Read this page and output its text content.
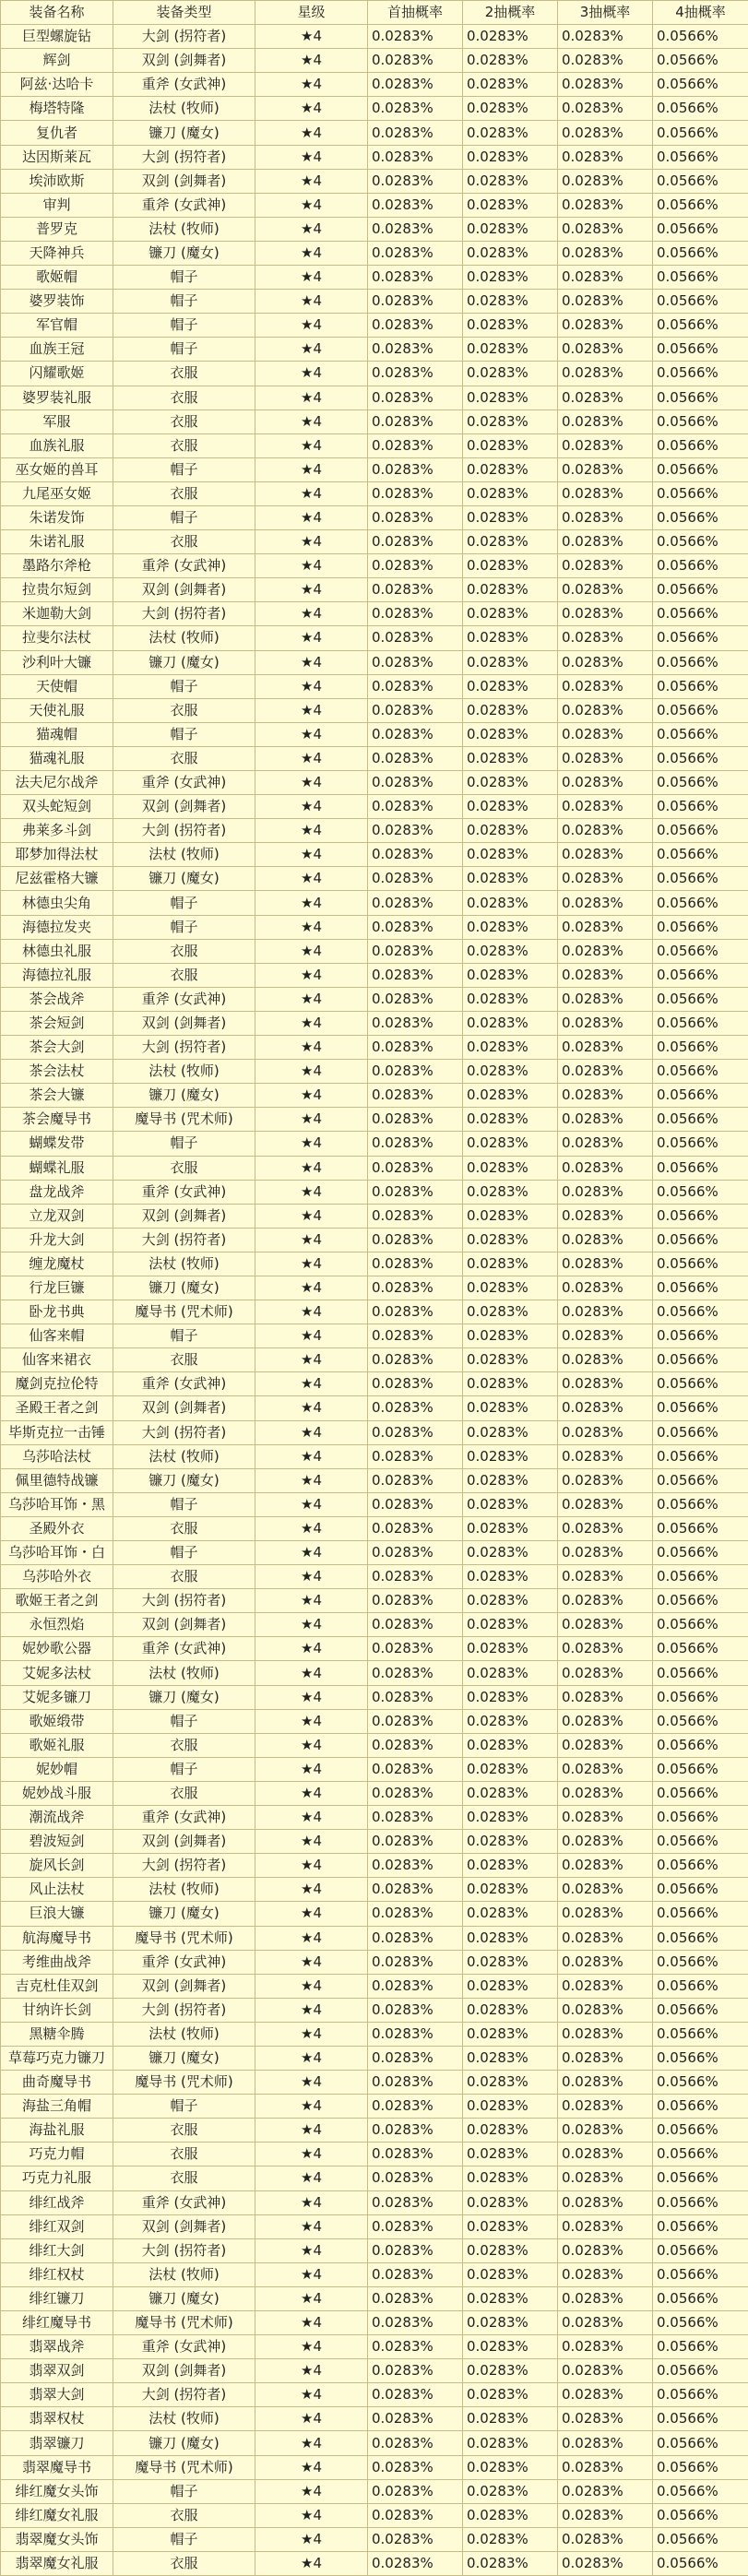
装备名称	装备类型	星级	首抽概率	2抽概率	3抽概率	4抽概率
巨型螺旋钻	大剑 (拐符者)	★4	0.0283%	0.0283%	0.0283%	0.0566%
辉剑	双剑 (剑舞者)	★4	0.0283%	0.0283%	0.0283%	0.0566%
阿兹·达哈卡	重斧 (女武神)	★4	0.0283%	0.0283%	0.0283%	0.0566%
梅塔特隆	法杖 (牧师)	★4	0.0283%	0.0283%	0.0283%	0.0566%
复仇者	镰刀 (魔女)	★4	0.0283%	0.0283%	0.0283%	0.0566%
达因斯莱瓦	大剑 (拐符者)	★4	0.0283%	0.0283%	0.0283%	0.0566%
埃沛欧斯	双剑 (剑舞者)	★4	0.0283%	0.0283%	0.0283%	0.0566%
审判	重斧 (女武神)	★4	0.0283%	0.0283%	0.0283%	0.0566%
普罗克	法杖 (牧师)	★4	0.0283%	0.0283%	0.0283%	0.0566%
天降神兵	镰刀 (魔女)	★4	0.0283%	0.0283%	0.0283%	0.0566%
歌姬帽	帽子	★4	0.0283%	0.0283%	0.0283%	0.0566%
婆罗装饰	帽子	★4	0.0283%	0.0283%	0.0283%	0.0566%
军官帽	帽子	★4	0.0283%	0.0283%	0.0283%	0.0566%
血族王冠	帽子	★4	0.0283%	0.0283%	0.0283%	0.0566%
闪耀歌姬	衣服	★4	0.0283%	0.0283%	0.0283%	0.0566%
婆罗装礼服	衣服	★4	0.0283%	0.0283%	0.0283%	0.0566%
军服	衣服	★4	0.0283%	0.0283%	0.0283%	0.0566%
血族礼服	衣服	★4	0.0283%	0.0283%	0.0283%	0.0566%
巫女姬的兽耳	帽子	★4	0.0283%	0.0283%	0.0283%	0.0566%
九尾巫女姬	衣服	★4	0.0283%	0.0283%	0.0283%	0.0566%
朱诺发饰	帽子	★4	0.0283%	0.0283%	0.0283%	0.0566%
朱诺礼服	衣服	★4	0.0283%	0.0283%	0.0283%	0.0566%
墨路尔斧枪	重斧 (女武神)	★4	0.0283%	0.0283%	0.0283%	0.0566%
拉贵尔短剑	双剑 (剑舞者)	★4	0.0283%	0.0283%	0.0283%	0.0566%
米迦勒大剑	大剑 (拐符者)	★4	0.0283%	0.0283%	0.0283%	0.0566%
拉斐尔法杖	法杖 (牧师)	★4	0.0283%	0.0283%	0.0283%	0.0566%
沙利叶大镰	镰刀 (魔女)	★4	0.0283%	0.0283%	0.0283%	0.0566%
天使帽	帽子	★4	0.0283%	0.0283%	0.0283%	0.0566%
天使礼服	衣服	★4	0.0283%	0.0283%	0.0283%	0.0566%
猫魂帽	帽子	★4	0.0283%	0.0283%	0.0283%	0.0566%
猫魂礼服	衣服	★4	0.0283%	0.0283%	0.0283%	0.0566%
法夫尼尔战斧	重斧 (女武神)	★4	0.0283%	0.0283%	0.0283%	0.0566%
双头蛇短剑	双剑 (剑舞者)	★4	0.0283%	0.0283%	0.0283%	0.0566%
弗莱多斗剑	大剑 (拐符者)	★4	0.0283%	0.0283%	0.0283%	0.0566%
耶梦加得法杖	法杖 (牧师)	★4	0.0283%	0.0283%	0.0283%	0.0566%
尼兹霍格大镰	镰刀 (魔女)	★4	0.0283%	0.0283%	0.0283%	0.0566%
林德虫尖角	帽子	★4	0.0283%	0.0283%	0.0283%	0.0566%
海德拉发夹	帽子	★4	0.0283%	0.0283%	0.0283%	0.0566%
林德虫礼服	衣服	★4	0.0283%	0.0283%	0.0283%	0.0566%
海德拉礼服	衣服	★4	0.0283%	0.0283%	0.0283%	0.0566%
茶会战斧	重斧 (女武神)	★4	0.0283%	0.0283%	0.0283%	0.0566%
茶会短剑	双剑 (剑舞者)	★4	0.0283%	0.0283%	0.0283%	0.0566%
茶会大剑	大剑 (拐符者)	★4	0.0283%	0.0283%	0.0283%	0.0566%
茶会法杖	法杖 (牧师)	★4	0.0283%	0.0283%	0.0283%	0.0566%
茶会大镰	镰刀 (魔女)	★4	0.0283%	0.0283%	0.0283%	0.0566%
茶会魔导书	魔导书 (咒术师)	★4	0.0283%	0.0283%	0.0283%	0.0566%
蝴蝶发带	帽子	★4	0.0283%	0.0283%	0.0283%	0.0566%
蝴蝶礼服	衣服	★4	0.0283%	0.0283%	0.0283%	0.0566%
盘龙战斧	重斧 (女武神)	★4	0.0283%	0.0283%	0.0283%	0.0566%
立龙双剑	双剑 (剑舞者)	★4	0.0283%	0.0283%	0.0283%	0.0566%
升龙大剑	大剑 (拐符者)	★4	0.0283%	0.0283%	0.0283%	0.0566%
缠龙魔杖	法杖 (牧师)	★4	0.0283%	0.0283%	0.0283%	0.0566%
行龙巨镰	镰刀 (魔女)	★4	0.0283%	0.0283%	0.0283%	0.0566%
卧龙书典	魔导书 (咒术师)	★4	0.0283%	0.0283%	0.0283%	0.0566%
仙客来帽	帽子	★4	0.0283%	0.0283%	0.0283%	0.0566%
仙客来裙衣	衣服	★4	0.0283%	0.0283%	0.0283%	0.0566%
魔剑克拉伦特	重斧 (女武神)	★4	0.0283%	0.0283%	0.0283%	0.0566%
圣殿王者之剑	双剑 (剑舞者)	★4	0.0283%	0.0283%	0.0283%	0.0566%
毕斯克拉一击锤	大剑 (拐符者)	★4	0.0283%	0.0283%	0.0283%	0.0566%
乌莎哈法杖	法杖 (牧师)	★4	0.0283%	0.0283%	0.0283%	0.0566%
佩里德特战镰	镰刀 (魔女)	★4	0.0283%	0.0283%	0.0283%	0.0566%
乌莎哈耳饰・黑	帽子	★4	0.0283%	0.0283%	0.0283%	0.0566%
圣殿外衣	衣服	★4	0.0283%	0.0283%	0.0283%	0.0566%
乌莎哈耳饰・白	帽子	★4	0.0283%	0.0283%	0.0283%	0.0566%
乌莎哈外衣	衣服	★4	0.0283%	0.0283%	0.0283%	0.0566%
歌姬王者之剑	大剑 (拐符者)	★4	0.0283%	0.0283%	0.0283%	0.0566%
永恒烈焰	双剑 (剑舞者)	★4	0.0283%	0.0283%	0.0283%	0.0566%
妮妙歌公器	重斧 (女武神)	★4	0.0283%	0.0283%	0.0283%	0.0566%
艾妮多法杖	法杖 (牧师)	★4	0.0283%	0.0283%	0.0283%	0.0566%
艾妮多镰刀	镰刀 (魔女)	★4	0.0283%	0.0283%	0.0283%	0.0566%
歌姬缎带	帽子	★4	0.0283%	0.0283%	0.0283%	0.0566%
歌姬礼服	衣服	★4	0.0283%	0.0283%	0.0283%	0.0566%
妮妙帽	帽子	★4	0.0283%	0.0283%	0.0283%	0.0566%
妮妙战斗服	衣服	★4	0.0283%	0.0283%	0.0283%	0.0566%
潮流战斧	重斧 (女武神)	★4	0.0283%	0.0283%	0.0283%	0.0566%
碧波短剑	双剑 (剑舞者)	★4	0.0283%	0.0283%	0.0283%	0.0566%
旋风长剑	大剑 (拐符者)	★4	0.0283%	0.0283%	0.0283%	0.0566%
风止法杖	法杖 (牧师)	★4	0.0283%	0.0283%	0.0283%	0.0566%
巨浪大镰	镰刀 (魔女)	★4	0.0283%	0.0283%	0.0283%	0.0566%
航海魔导书	魔导书 (咒术师)	★4	0.0283%	0.0283%	0.0283%	0.0566%
考维曲战斧	重斧 (女武神)	★4	0.0283%	0.0283%	0.0283%	0.0566%
吉克杜佳双剑	双剑 (剑舞者)	★4	0.0283%	0.0283%	0.0283%	0.0566%
甘纳许长剑	大剑 (拐符者)	★4	0.0283%	0.0283%	0.0283%	0.0566%
黑糖伞腾	法杖 (牧师)	★4	0.0283%	0.0283%	0.0283%	0.0566%
草莓巧克力镰刀	镰刀 (魔女)	★4	0.0283%	0.0283%	0.0283%	0.0566%
曲奇魔导书	魔导书 (咒术师)	★4	0.0283%	0.0283%	0.0283%	0.0566%
海盐三角帽	帽子	★4	0.0283%	0.0283%	0.0283%	0.0566%
海盐礼服	衣服	★4	0.0283%	0.0283%	0.0283%	0.0566%
巧克力帽	衣服	★4	0.0283%	0.0283%	0.0283%	0.0566%
巧克力礼服	衣服	★4	0.0283%	0.0283%	0.0283%	0.0566%
绯红战斧	重斧 (女武神)	★4	0.0283%	0.0283%	0.0283%	0.0566%
绯红双剑	双剑 (剑舞者)	★4	0.0283%	0.0283%	0.0283%	0.0566%
绯红大剑	大剑 (拐符者)	★4	0.0283%	0.0283%	0.0283%	0.0566%
绯红权杖	法杖 (牧师)	★4	0.0283%	0.0283%	0.0283%	0.0566%
绯红镰刀	镰刀 (魔女)	★4	0.0283%	0.0283%	0.0283%	0.0566%
绯红魔导书	魔导书 (咒术师)	★4	0.0283%	0.0283%	0.0283%	0.0566%
翡翠战斧	重斧 (女武神)	★4	0.0283%	0.0283%	0.0283%	0.0566%
翡翠双剑	双剑 (剑舞者)	★4	0.0283%	0.0283%	0.0283%	0.0566%
翡翠大剑	大剑 (拐符者)	★4	0.0283%	0.0283%	0.0283%	0.0566%
翡翠权杖	法杖 (牧师)	★4	0.0283%	0.0283%	0.0283%	0.0566%
翡翠镰刀	镰刀 (魔女)	★4	0.0283%	0.0283%	0.0283%	0.0566%
翡翠魔导书	魔导书 (咒术师)	★4	0.0283%	0.0283%	0.0283%	0.0566%
绯红魔女头饰	帽子	★4	0.0283%	0.0283%	0.0283%	0.0566%
绯红魔女礼服	衣服	★4	0.0283%	0.0283%	0.0283%	0.0566%
翡翠魔女头饰	帽子	★4	0.0283%	0.0283%	0.0283%	0.0566%
翡翠魔女礼服	衣服	★4	0.0283%	0.0283%	0.0283%	0.0566%
